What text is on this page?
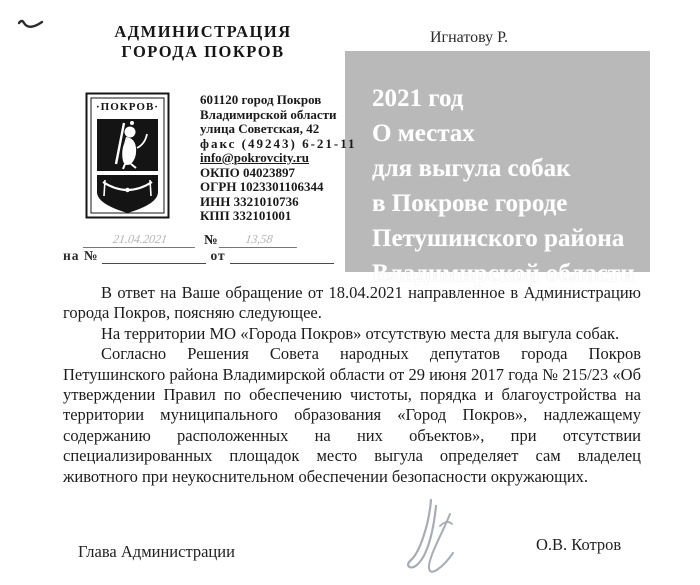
АДМИНИСТРАЦИЯ
ГОРОДА ПОКРОВ
Игнатову Р.
2021 год
О местах
для выгула собак
в Покрове городе
Петушинского района
Владимирской области
·ПОКРОВ·	601120 город Покров
Владимирской области
улица Советская, 42
факс (49243) 6-21-11
info@pokrovcity.ru
ОКПО 04023897
ОГРН 1023301106344
ИНН 3321010736
КПП 332101001
21.04.2021	№	13,58
на №	от

В ответ на Ваше обращение от 18.04.2021 направленное в Администрацию города Покров, поясняю следующее.

На территории МО «Города Покров» отсутствую места для выгула собак.

Согласно Решения Совета народных депутатов города Покров Петушинского района Владимирской области от 29 июня 2017 года № 215/23 «Об утверждении Правил по обеспечению чистоты, порядка и благоустройства на территории муниципального образования «Город Покров», надлежащему содержанию расположенных на них объектов», при отсутствии специализированных площадок место выгула определяет сам владелец животного при неукоснительном обеспечении безопасности окружающих.

Глава Администрации	О.В. Котров
